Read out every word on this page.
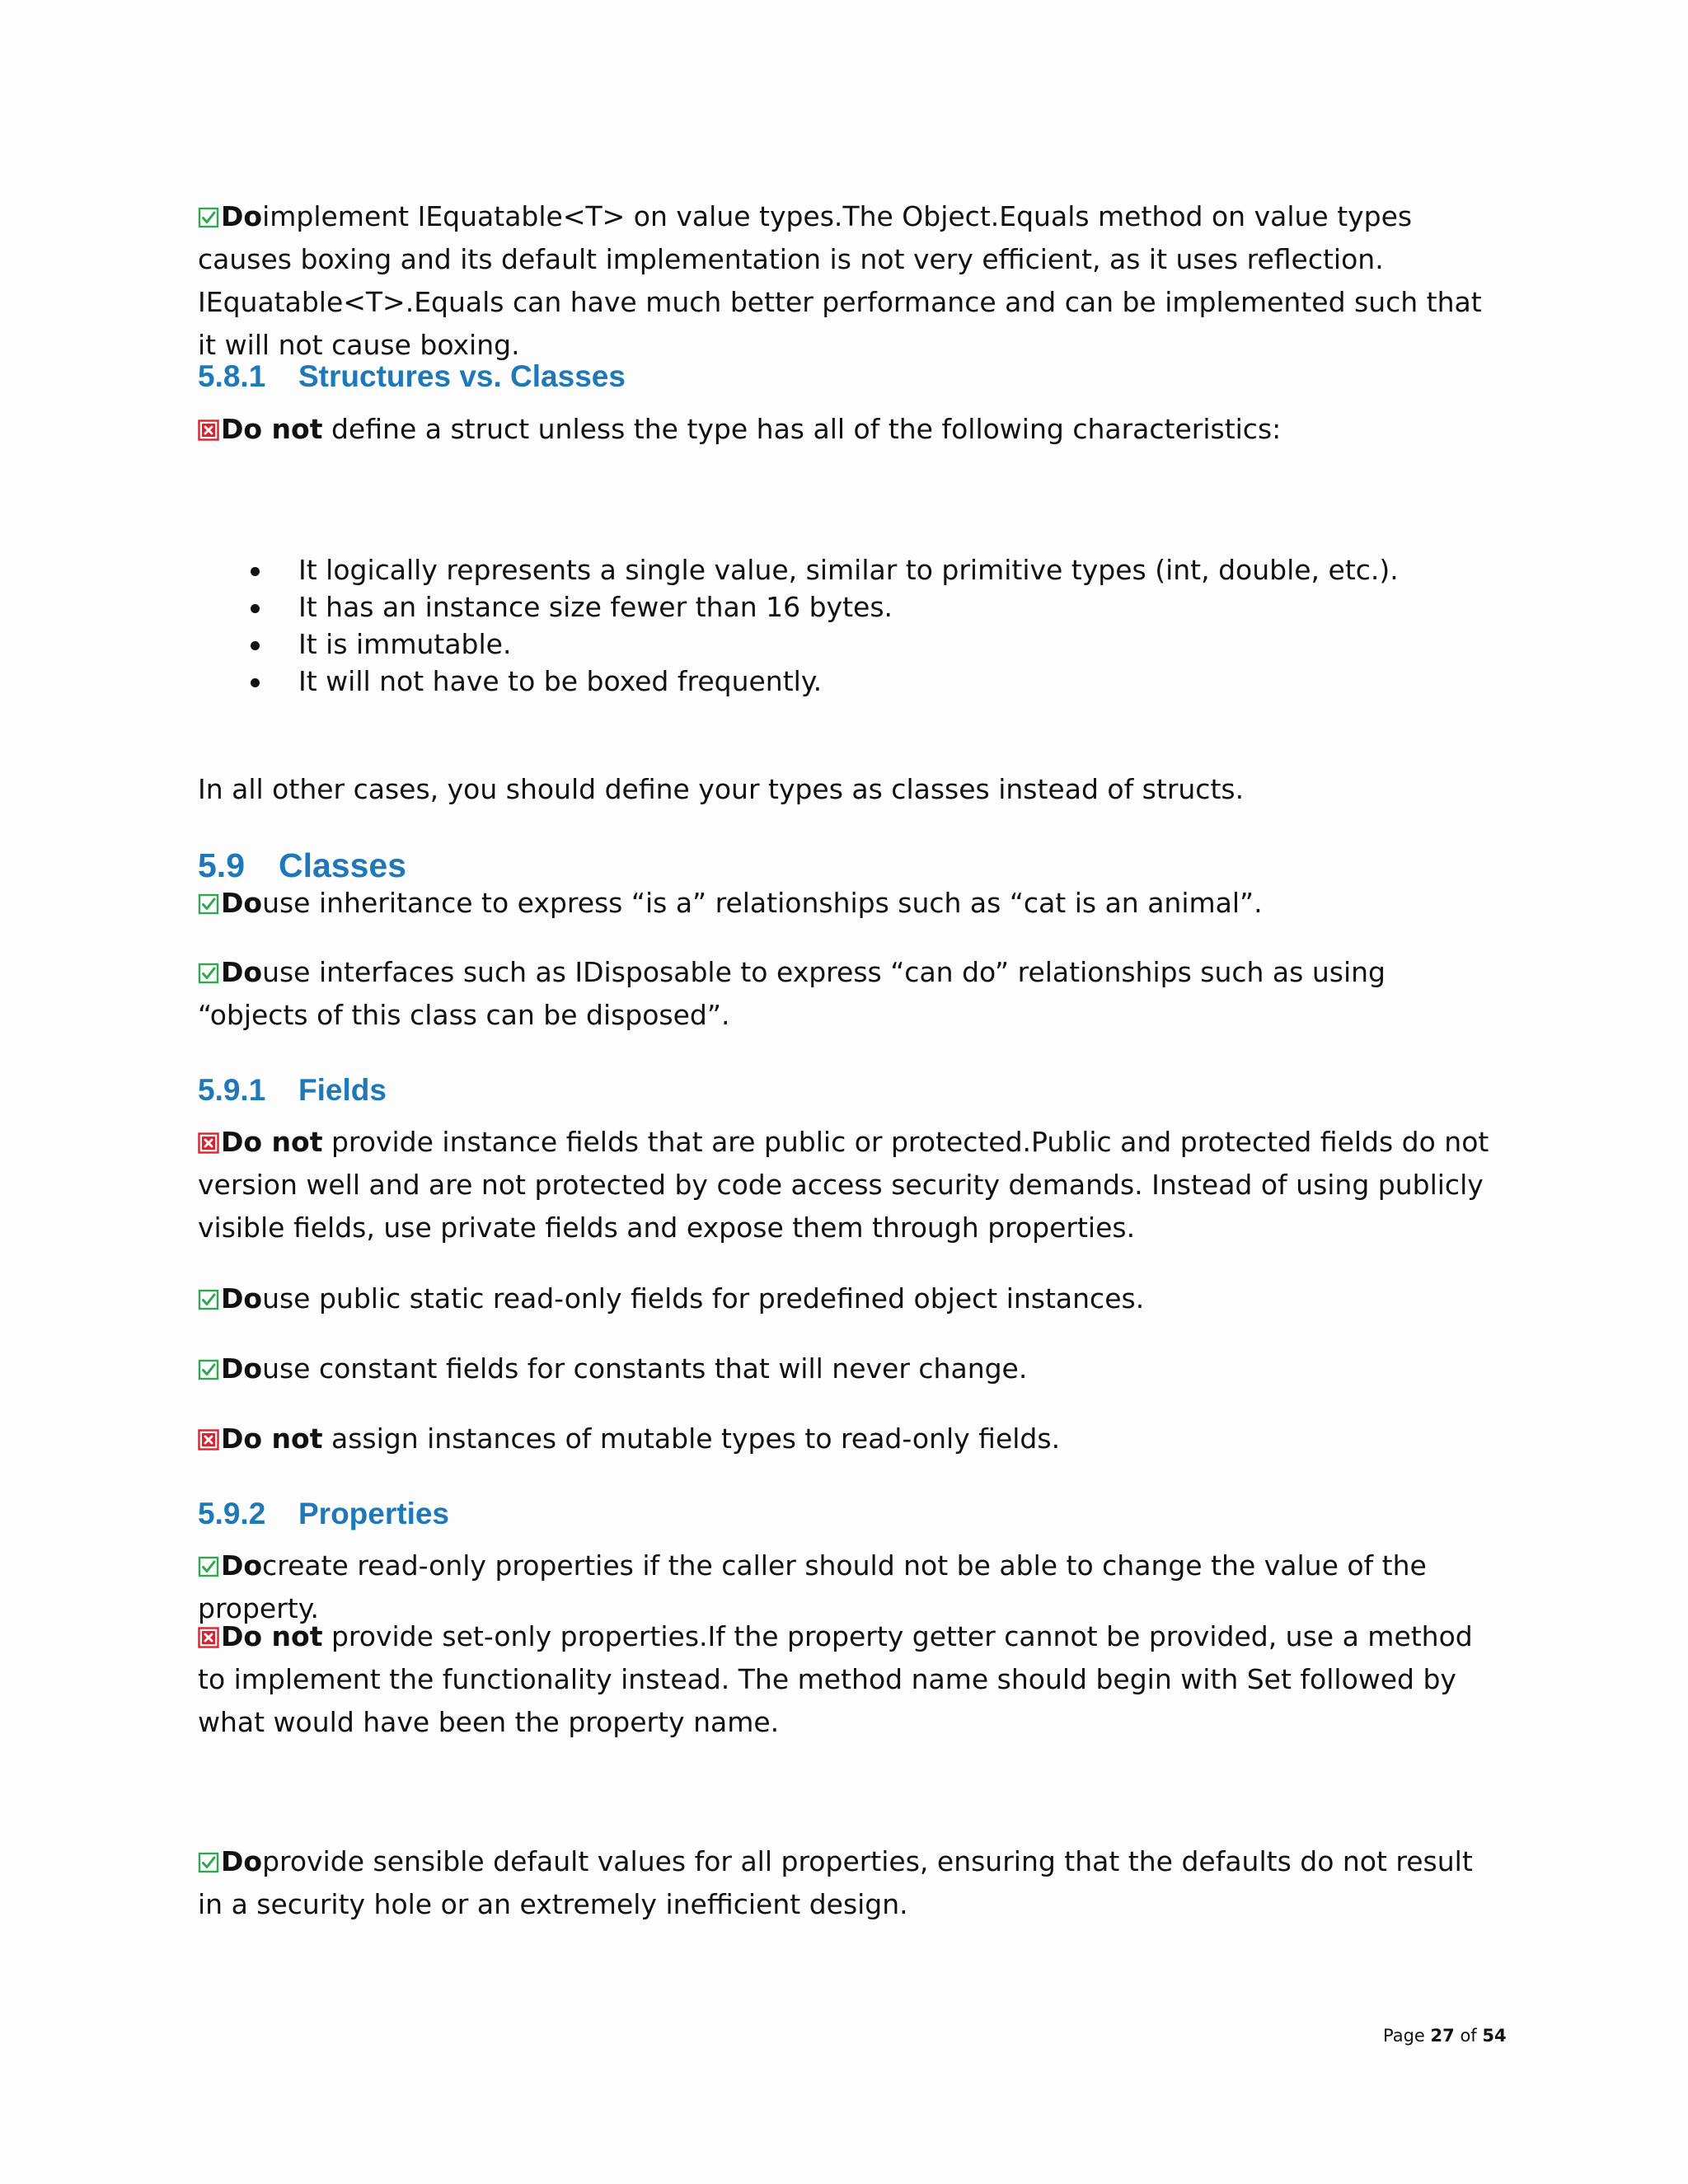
Doimplement IEquatable<T> on value types.The Object.Equals method on value types causes boxing and its default implementation is not very efficient, as it uses reflection. IEquatable<T>.Equals can have much better performance and can be implemented such that it will not cause boxing.

5.8.1 Structures vs. Classes

Do not define a struct unless the type has all of the following characteristics:

It logically represents a single value, similar to primitive types (int, double, etc.).
It has an instance size fewer than 16 bytes.
It is immutable.
It will not have to be boxed frequently.

In all other cases, you should define your types as classes instead of structs.

5.9 Classes

Douse inheritance to express “is a” relationships such as “cat is an animal”.

Douse interfaces such as IDisposable to express “can do” relationships such as using “objects of this class can be disposed”.

5.9.1 Fields

Do not provide instance fields that are public or protected.Public and protected fields do not version well and are not protected by code access security demands. Instead of using publicly visible fields, use private fields and expose them through properties.

Douse public static read-only fields for predefined object instances.

Douse constant fields for constants that will never change.

Do not assign instances of mutable types to read-only fields.

5.9.2 Properties

Docreate read-only properties if the caller should not be able to change the value of the property.

Do not provide set-only properties.If the property getter cannot be provided, use a method to implement the functionality instead. The method name should begin with Set followed by what would have been the property name.

Doprovide sensible default values for all properties, ensuring that the defaults do not result in a security hole or an extremely inefficient design.

Page 27 of 54
